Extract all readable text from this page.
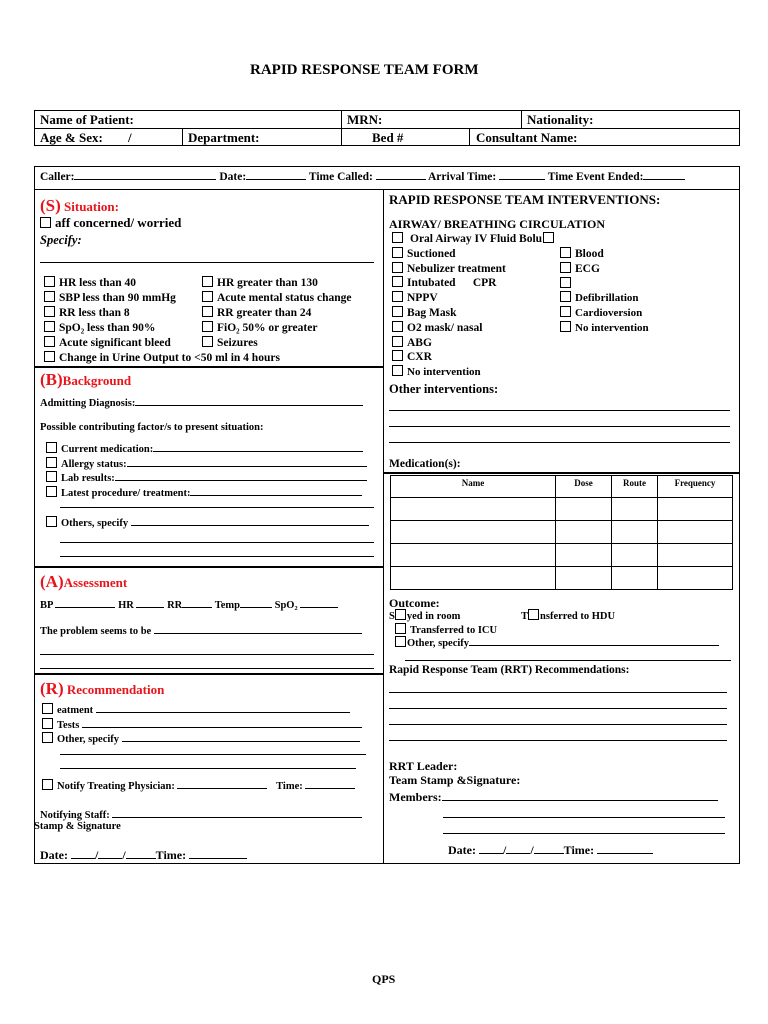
RAPID RESPONSE TEAM FORM
Name of Patient:	MRN:	Nationality:
Age & Sex: /	Department:	Bed #	Consultant Name:
Caller:	Date:	Time Called:	Arrival Time:	Time Event Ended:
(S) Situation:
aff concerned/ worried
Specify:
HR less than 40
SBP less than 90 mmHg
RR less than 8
SpO₂ less than 90%
Acute significant bleed
Change in Urine Output to <50 ml in 4 hours
HR greater than 130
Acute mental status change
RR greater than 24
FiO₂ 50% or greater
Seizures
(B)Background
Admitting Diagnosis:
Possible contributing factor/s to present situation:
Current medication:
Allergy status:
Lab results:
Latest procedure/ treatment:
Others, specify
(A)Assessment
BP	HR	RR	Temp	SpO₂
The problem seems to be
(R) Recommendation
eatment
Tests
Other, specify
Notify Treating Physician:	Time:
Notifying Staff:
Stamp & Signature
Date: / /	Time:
RAPID RESPONSE TEAM INTERVENTIONS:
AIRWAY/ BREATHING CIRCULATION
Oral Airway IV Fluid Bolu
Suctioned
Nebulizer treatment
Intubated      CPR
NPPV
Bag Mask
O2 mask/ nasal
ABG
CXR
No intervention
Blood
ECG

Defibrillation
Cardioversion
No intervention
Other interventions:
Medication(s):
Name	Dose	Route	Frequency

Outcome:
S yed in room	T nsferred to HDU
Transferred to ICU
Other, specify
Rapid Response Team (RRT) Recommendations:
RRT Leader:
Team Stamp &Signature:
Members:
Date: / /	Time:
QPS
